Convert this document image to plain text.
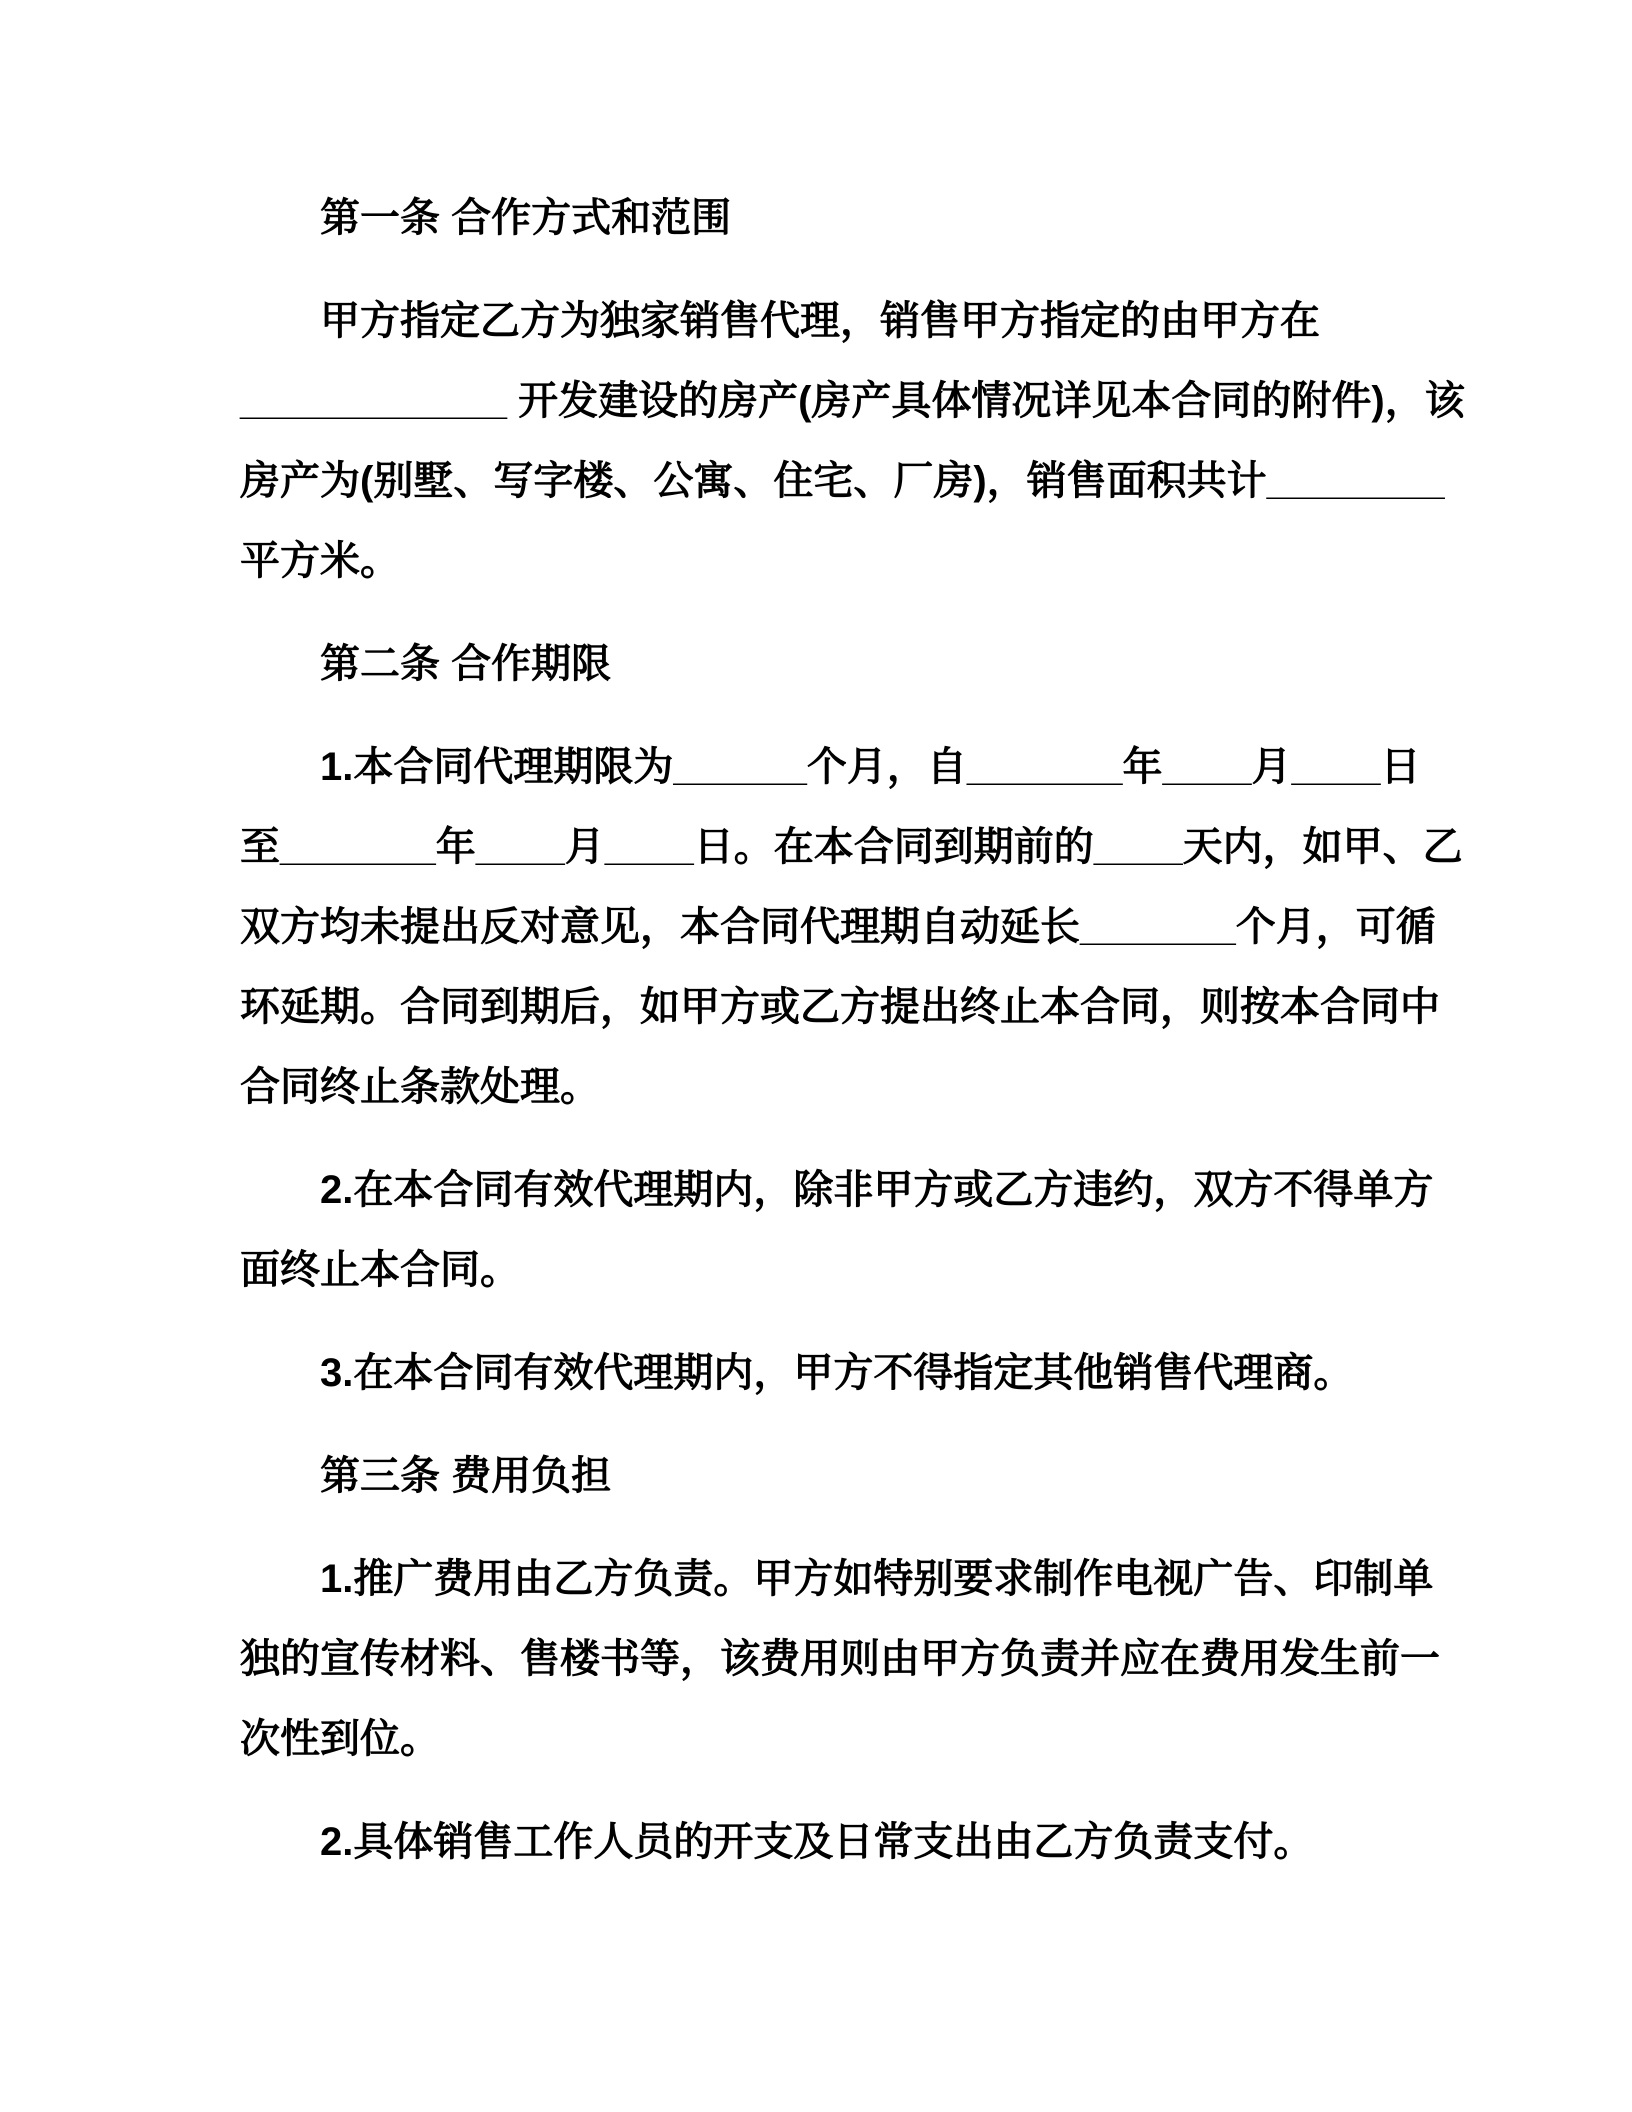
第一条 合作方式和范围
甲方指定乙方为独家销售代理，销售甲方指定的由甲方在
____________ 开发建设的房产(房产具体情况详见本合同的附件)，该
房产为(别墅、写字楼、公寓、住宅、厂房)，销售面积共计________
平方米。
第二条 合作期限
1.本合同代理期限为______个月，自_______年____月____日
至_______年____月____日。在本合同到期前的____天内，如甲、乙
双方均未提出反对意见，本合同代理期自动延长_______个月，可循
环延期。合同到期后，如甲方或乙方提出终止本合同，则按本合同中
合同终止条款处理。
2.在本合同有效代理期内，除非甲方或乙方违约，双方不得单方
面终止本合同。
3.在本合同有效代理期内，甲方不得指定其他销售代理商。
第三条 费用负担
1.推广费用由乙方负责。甲方如特别要求制作电视广告、印制单
独的宣传材料、售楼书等，该费用则由甲方负责并应在费用发生前一
次性到位。
2.具体销售工作人员的开支及日常支出由乙方负责支付。
